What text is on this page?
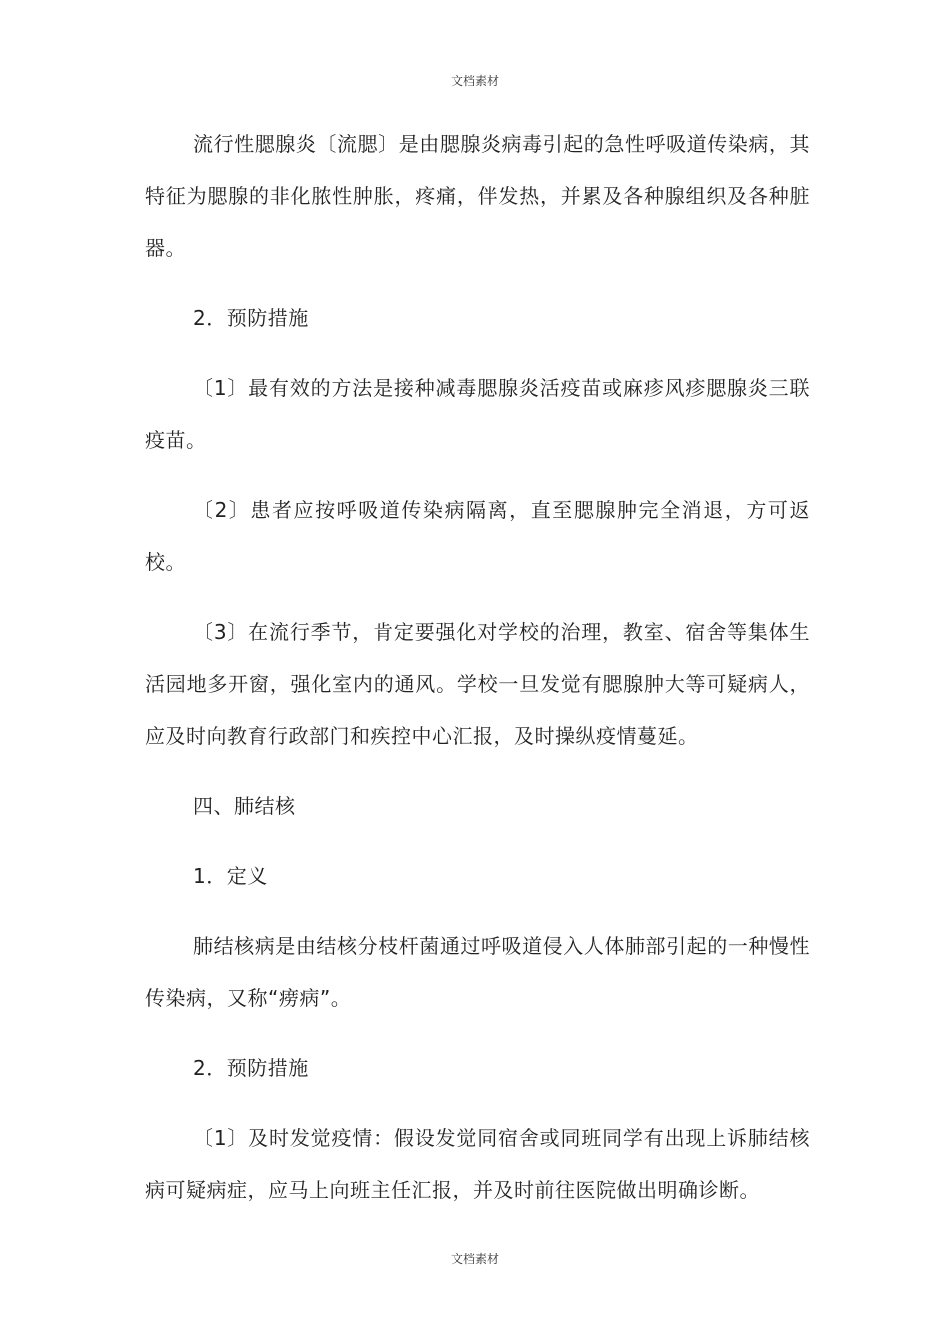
文档素材

流行性腮腺炎〔流腮〕是由腮腺炎病毒引起的急性呼吸道传染病，其特征为腮腺的非化脓性肿胀，疼痛，伴发热，并累及各种腺组织及各种脏器。

2．预防措施

〔1〕最有效的方法是接种减毒腮腺炎活疫苗或麻疹风疹腮腺炎三联疫苗。

〔2〕患者应按呼吸道传染病隔离，直至腮腺肿完全消退，方可返校。

〔3〕在流行季节，肯定要强化对学校的治理，教室、宿舍等集体生活园地多开窗，强化室内的通风。学校一旦发觉有腮腺肿大等可疑病人，应及时向教育行政部门和疾控中心汇报，及时操纵疫情蔓延。

四、肺结核

1．定义

肺结核病是由结核分枝杆菌通过呼吸道侵入人体肺部引起的一种慢性传染病，又称“痨病”。

2．预防措施

〔1〕及时发觉疫情：假设发觉同宿舍或同班同学有出现上诉肺结核病可疑病症，应马上向班主任汇报，并及时前往医院做出明确诊断。

文档素材
